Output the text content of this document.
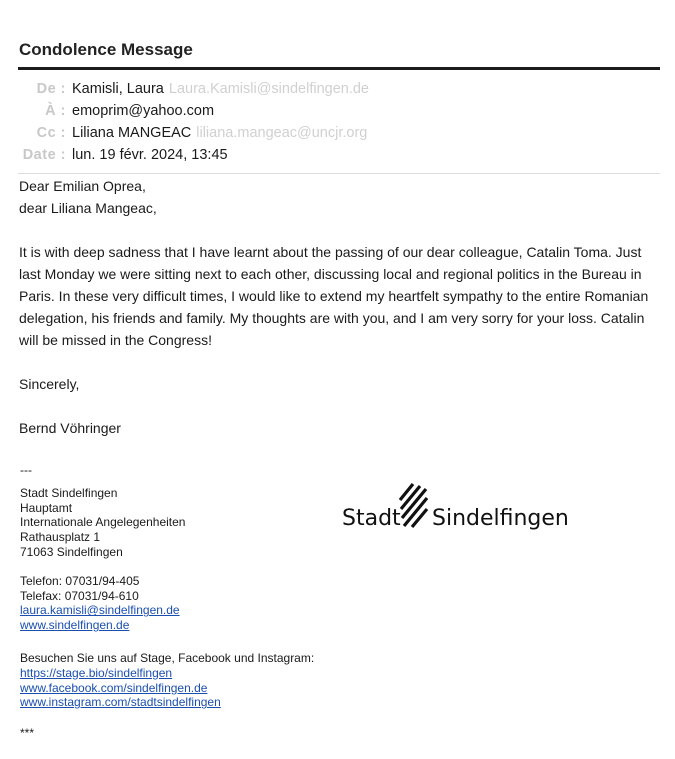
Condolence Message
De : Kamisli, Laura Laura.Kamisli@sindelfingen.de
À : emoprim@yahoo.com
Cc : Liliana MANGEAC liliana.mangeac@uncjr.org
Date : lun. 19 févr. 2024, 13:45
Dear Emilian Oprea,
dear Liliana Mangeac,
It is with deep sadness that I have learnt about the passing of our dear colleague, Catalin Toma. Just last Monday we were sitting next to each other, discussing local and regional politics in the Bureau in Paris. In these very difficult times, I would like to extend my heartfelt sympathy to the entire Romanian delegation, his friends and family. My thoughts are with you, and I am very sorry for your loss. Catalin will be missed in the Congress!
Sincerely,
Bernd Vöhringer
---
Stadt Sindelfingen
Hauptamt
Internationale Angelegenheiten
Rathausplatz 1
71063 Sindelfingen
Telefon: 07031/94-405
Telefax: 07031/94-610
laura.kamisli@sindelfingen.de
www.sindelfingen.de
Besuchen Sie uns auf Stage, Facebook und Instagram:
https://stage.bio/sindelfingen
www.facebook.com/sindelfingen.de
www.instagram.com/stadtsindelfingen
***
Stadt Sindelfingen
